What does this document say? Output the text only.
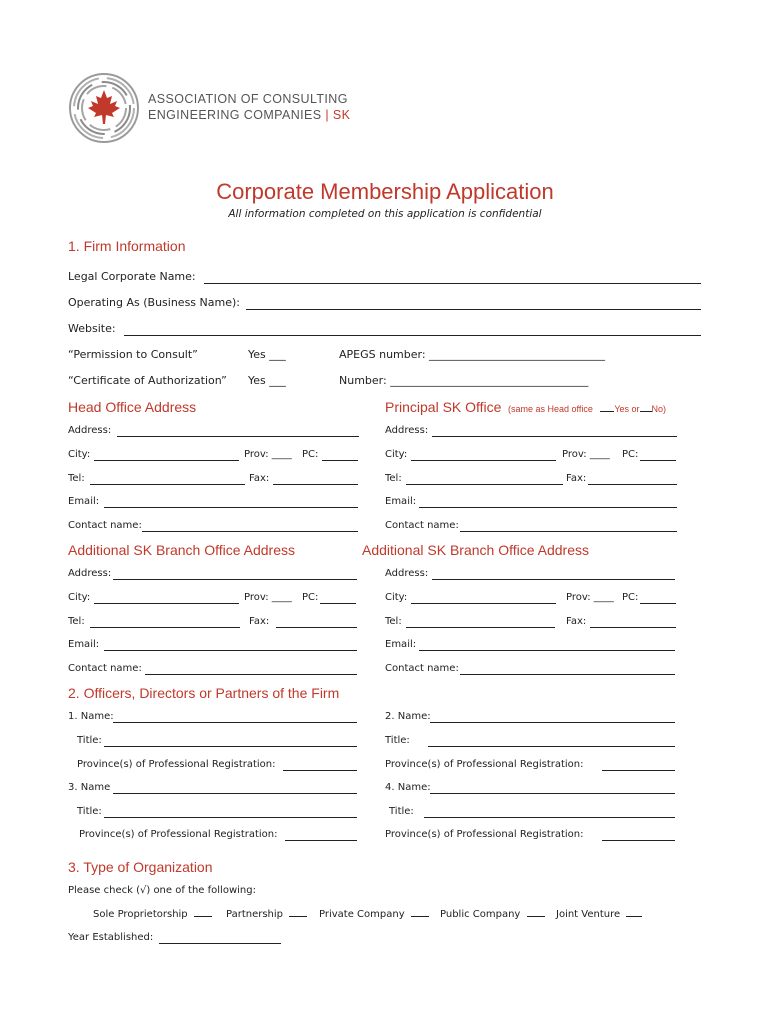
ASSOCIATION OF CONSULTING
ENGINEERING COMPANIES | SK
Corporate Membership Application
All information completed on this application is confidential
1. Firm Information
Legal Corporate Name:
Operating As (Business Name):
Website:
“Permission to Consult”	Yes ___	APEGS number: ________________________________
“Certificate of Authorization” Yes ___	Number: ____________________________________
Head Office Address
Address:
City:	Prov: ____ PC:
Tel:	Fax:
Email:
Contact name:
Principal SK Office (same as Head office Yes or No)
Address:
City:	Prov: ____ PC:
Tel:	Fax:
Email:
Contact name:
Additional SK Branch Office Address
Address:
City:	Prov: ____ PC:
Tel:	Fax:
Email:
Contact name:
Additional SK Branch Office Address
Address:
City:	Prov: ____ PC:
Tel:	Fax:
Email:
Contact name:
2. Officers, Directors or Partners of the Firm
1. Name:	2. Name:
Title:	Title:
Province(s) of Professional Registration:	Province(s) of Professional Registration:
3. Name	4. Name:
Title:	Title:
Province(s) of Professional Registration:	Province(s) of Professional Registration:
3. Type of Organization
Please check (√) one of the following:
Sole Proprietorship	Partnership	Private Company	Public Company	Joint Venture
Year Established:
